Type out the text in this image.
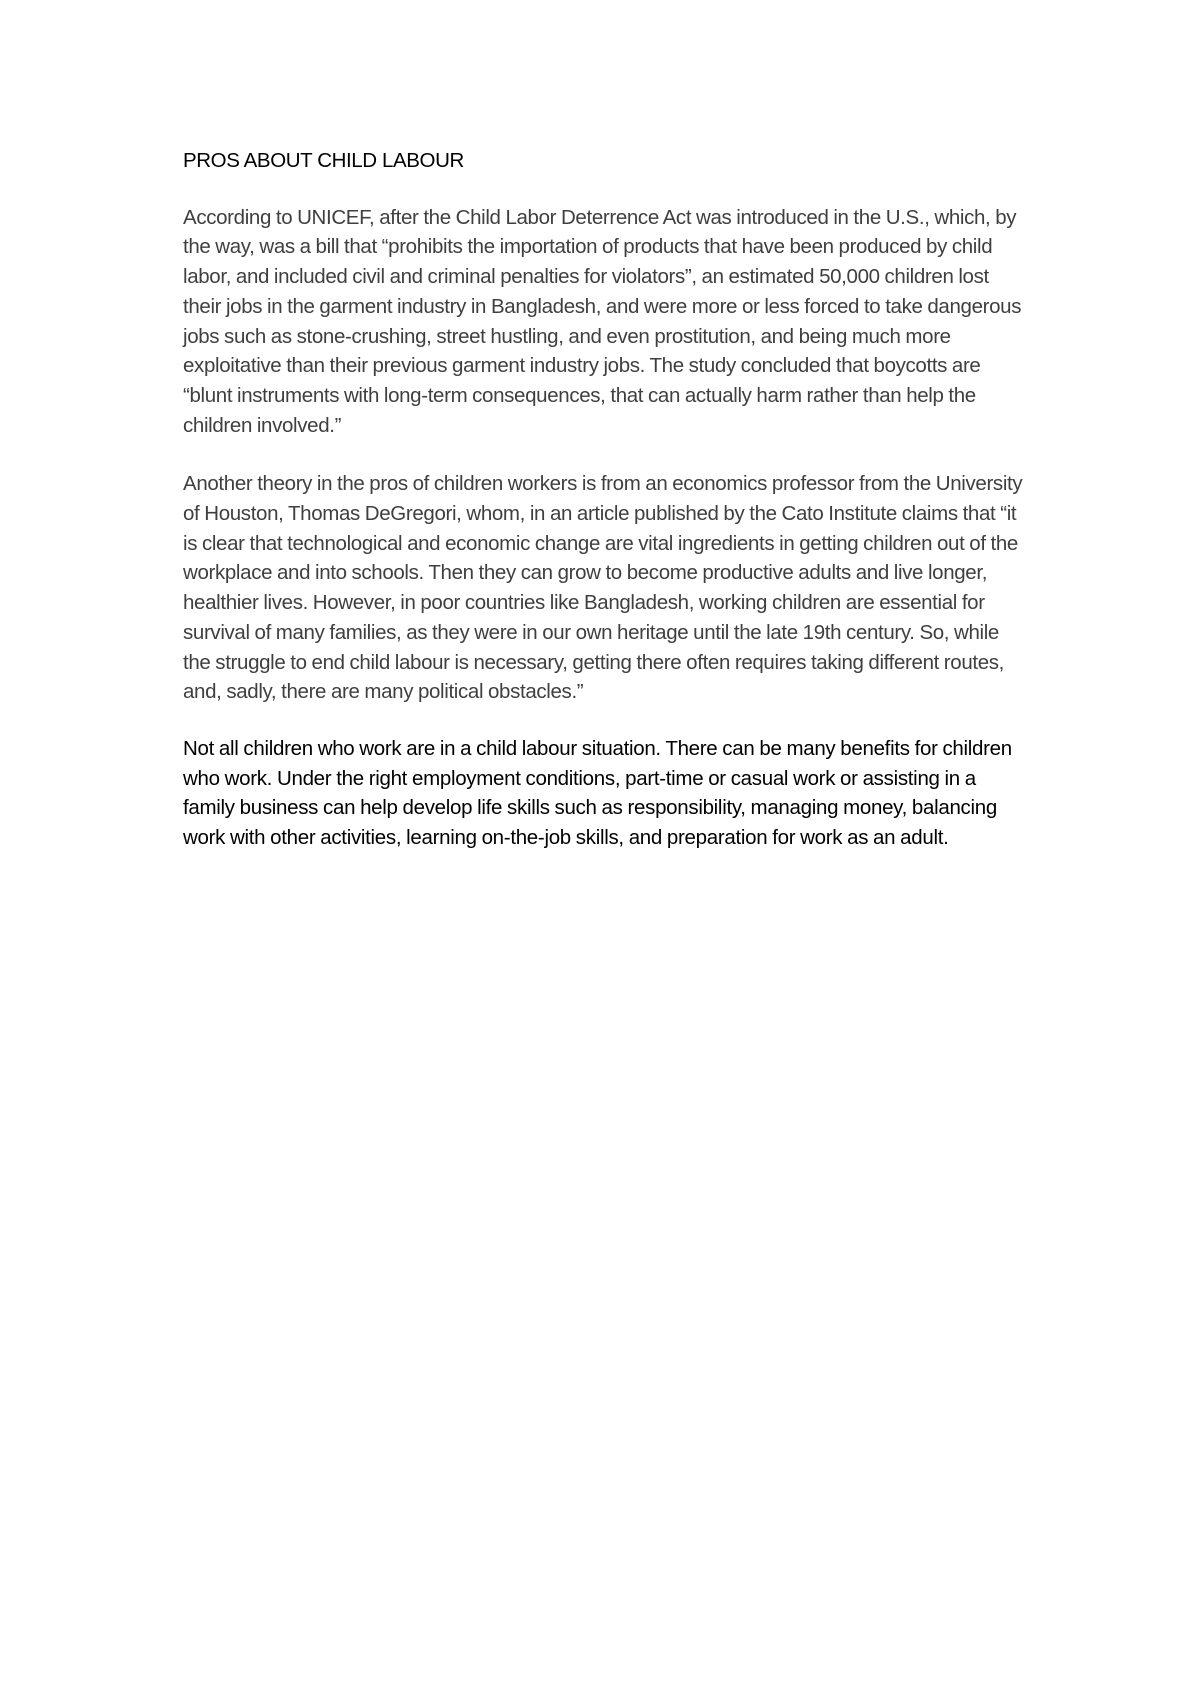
PROS ABOUT CHILD LABOUR

According to UNICEF, after the Child Labor Deterrence Act was introduced in the U.S., which, by the way, was a bill that “prohibits the importation of products that have been produced by child labor, and included civil and criminal penalties for violators”, an estimated 50,000 children lost their jobs in the garment industry in Bangladesh, and were more or less forced to take dangerous jobs such as stone-crushing, street hustling, and even prostitution, and being much more exploitative than their previous garment industry jobs. The study concluded that boycotts are “blunt instruments with long-term consequences, that can actually harm rather than help the children involved.”

Another theory in the pros of children workers is from an economics professor from the University of Houston, Thomas DeGregori, whom, in an article published by the Cato Institute claims that “it is clear that technological and economic change are vital ingredients in getting children out of the workplace and into schools. Then they can grow to become productive adults and live longer, healthier lives. However, in poor countries like Bangladesh, working children are essential for survival of many families, as they were in our own heritage until the late 19th century. So, while the struggle to end child labour is necessary, getting there often requires taking different routes, and, sadly, there are many political obstacles.”

Not all children who work are in a child labour situation. There can be many benefits for children who work. Under the right employment conditions, part-time or casual work or assisting in a family business can help develop life skills such as responsibility, managing money, balancing work with other activities, learning on-the-job skills, and preparation for work as an adult.
